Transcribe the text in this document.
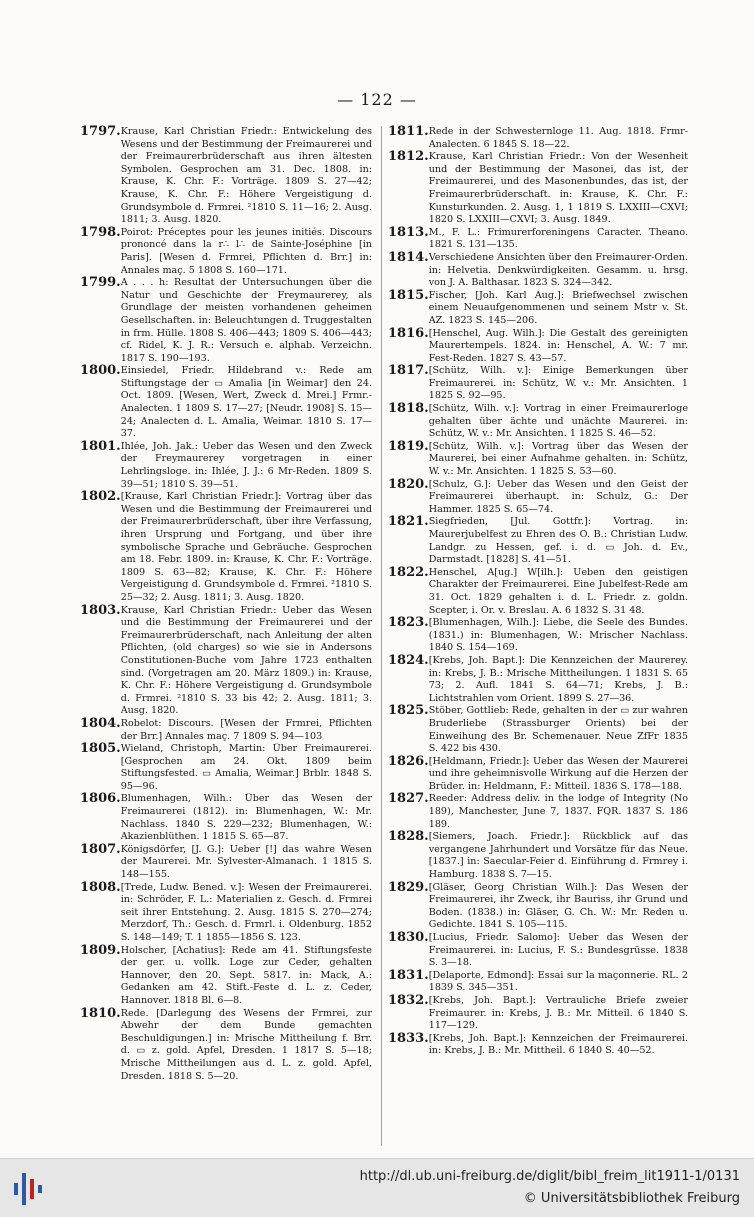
— 122 —
1797. Krause, Karl Christian Friedr.: Entwickelung des Wesens und der Bestimmung der Freimaurerei und der Freimaurerbrüderschaft aus ihren ältesten Symbolen. Gesprochen am 31. Dec. 1808. in: Krause, K. Chr. F.: Vorträge. 1809 S. 27—42; Krause, K. Chr. F.: Höhere Vergeistigung d. Grundsymbole d. Frmrei. ²1810 S. 11—16; 2. Ausg. 1811; 3. Ausg. 1820.
1798. Poirot: Préceptes pour les jeunes initiés. Discours prononcé dans la r∴ l∴ de Sainte-Joséphine [in Paris]. [Wesen d. Frmrei, Pflichten d. Brr.] in: Annales maç. 5 1808 S. 160—171.
1799. A . . . h: Resultat der Untersuchungen über die Natur und Geschichte der Freymaurerey, als Grundlage der meisten vorhandenen geheimen Gesellschaften. in: Beleuchtungen d. Truggestalten in frm. Hülle. 1808 S. 406—443; 1809 S. 406—443; cf. Ridel, K. J. R.: Versuch e. alphab. Verzeichn. 1817 S. 190—193.
1800. Einsiedel, Friedr. Hildebrand v.: Rede am Stiftungstage der ▭ Amalia [in Weimar] den 24. Oct. 1809. [Wesen, Wert, Zweck d. Mrei.] Frmr.-Analecten. 1 1809 S. 17—27; [Neudr. 1908] S. 15—24; Analecten d. L. Amalia, Weimar. 1810 S. 17—37.
1801. Ihlée, Joh. Jak.: Ueber das Wesen und den Zweck der Freymaurerey vorgetragen in einer Lehrlingsloge. in: Ihlée, J. J.: 6 Mr-Reden. 1809 S. 39—51; 1810 S. 39—51.
1802. [Krause, Karl Christian Friedr.]: Vortrag über das Wesen und die Bestimmung der Freimaurerei und der Freimaurerbrüderschaft, über ihre Verfassung, ihren Ursprung und Fortgang, und über ihre symbolische Sprache und Gebräuche. Gesprochen am 18. Febr. 1809. in: Krause, K. Chr. F.: Vorträge. 1809 S. 63—82; Krause, K. Chr. F.: Höhere Vergeistigung d. Grundsymbole d. Frmrei. ²1810 S. 25—32; 2. Ausg. 1811; 3. Ausg. 1820.
1803. Krause, Karl Christian Friedr.: Ueber das Wesen und die Bestimmung der Freimaurerei und der Freimaurerbrüderschaft, nach Anleitung der alten Pflichten, (old charges) so wie sie in Andersons Constitutionen-Buche vom Jahre 1723 enthalten sind. (Vorgetragen am 20. März 1809.) in: Krause, K. Chr. F.: Höhere Vergeistigung d. Grundsymbole d. Frmrei. ²1810 S. 33 bis 42; 2. Ausg. 1811; 3. Ausg. 1820.
1804. Robelot: Discours. [Wesen der Frmrei, Pflichten der Brr.] Annales maç. 7 1809 S. 94—103
1805. Wieland, Christoph, Martin: Über Freimaurerei. [Gesprochen am 24. Okt. 1809 beim Stiftungsfested. ▭ Amalia, Weimar.] Brblr. 1848 S. 95—96.
1806. Blumenhagen, Wilh.: Über das Wesen der Freimaurerei (1812). in: Blumenhagen, W.: Mr. Nachlass. 1840 S. 229—232; Blumenhagen, W.: Akazienblüthen. 1 1815 S. 65—87.
1807. Königsdörfer, [J. G.]: Ueber [!] das wahre Wesen der Maurerei. Mr. Sylvester-Almanach. 1 1815 S. 148—155.
1808. [Trede, Ludw. Bened. v.]: Wesen der Freimaurerei. in: Schröder, F. L.: Materialien z. Gesch. d. Frmrei seit ihrer Entstehung. 2. Ausg. 1815 S. 270—274; Merzdorf, Th.: Gesch. d. Frmrl. i. Oldenburg. 1852 S. 148—149; T. 1 1855—1856 S. 123.
1809. Holscher, [Achatius]: Rede am 41. Stiftungsfeste der ger. u. vollk. Loge zur Ceder, gehalten Hannover, den 20. Sept. 5817. in: Mack, A.: Gedanken am 42. Stift.-Feste d. L. z. Ceder, Hannover. 1818 Bl. 6—8.
1810. Rede. [Darlegung des Wesens der Frmrei, zur Abwehr der dem Bunde gemachten Beschuldigungen.] in: Mrische Mittheilung f. Brr. d. ▭ z. gold. Apfel, Dresden. 1 1817 S. 5—18; Mrische Mittheilungen aus d. L. z. gold. Apfel, Dresden. 1818 S. 5—20.
1811. Rede in der Schwesternloge 11. Aug. 1818. Frmr-Analecten. 6 1845 S. 18—22.
1812. Krause, Karl Christian Friedr.: Von der Wesenheit und der Bestimmung der Masonei, das ist, der Freimaurerei, und des Masonenbundes, das ist, der Freimaurerbrüderschaft. in: Krause, K. Chr. F.: Kunsturkunden. 2. Ausg. 1, 1 1819 S. LXXIII—CXVI; 1820 S. LXXIII—CXVI; 3. Ausg. 1849.
1813. M., F. L.: Frimurerforeningens Caracter. Theano. 1821 S. 131—135.
1814. Verschiedene Ansichten über den Freimaurer-Orden. in: Helvetia. Denkwürdigkeiten. Gesamm. u. hrsg. von J. A. Balthasar. 1823 S. 324—342.
1815. Fischer, [Joh. Karl Aug.]: Briefwechsel zwischen einem Neuaufgenommenen und seinem Mstr v. St. AZ. 1823 S. 145—206.
1816. [Henschel, Aug. Wilh.]: Die Gestalt des gereinigten Maurertempels. 1824. in: Henschel, A. W.: 7 mr. Fest-Reden. 1827 S. 43—57.
1817. [Schütz, Wilh. v.]: Einige Bemerkungen über Freimaurerei. in: Schütz, W. v.: Mr. Ansichten. 1 1825 S. 92—95.
1818. [Schütz, Wilh. v.]: Vortrag in einer Freimaurerloge gehalten über ächte und unächte Maurerei. in: Schütz, W. v.: Mr. Ansichten. 1 1825 S. 46—52.
1819. [Schütz, Wilh. v.]: Vortrag über das Wesen der Maurerei, bei einer Aufnahme gehalten. in: Schütz, W. v.: Mr. Ansichten. 1 1825 S. 53—60.
1820. [Schulz, G.]: Ueber das Wesen und den Geist der Freimaurerei überhaupt. in: Schulz, G.: Der Hammer. 1825 S. 65—74.
1821. Siegfrieden, [Jul. Gottfr.]: Vortrag. in: Maurerjubelfest zu Ehren des O. B.: Christian Ludw. Landgr. zu Hessen, gef. i. d. ▭ Joh. d. Ev., Darmstadt. [1828] S. 41—51.
1822. Henschel, A[ug.] W[ilh.]: Ueben den geistigen Charakter der Freimaurerei. Eine Jubelfest-Rede am 31. Oct. 1829 gehalten i. d. L. Friedr. z. goldn. Scepter, i. Or. v. Breslau. A. 6 1832 S. 31 48.
1823. [Blumenhagen, Wilh.]: Liebe, die Seele des Bundes. (1831.) in: Blumenhagen, W.: Mrischer Nachlass. 1840 S. 154—169.
1824. [Krebs, Joh. Bapt.]: Die Kennzeichen der Maurerey. in: Krebs, J. B.: Mrische Mittheilungen. 1 1831 S. 65 73; 2. Aufl. 1841 S. 64—71; Krebs, J. B.: Lichtstrahlen vom Orient. 1899 S. 27—36.
1825. Stöber, Gottlieb: Rede, gehalten in der ▭ zur wahren Bruderliebe (Strassburger Orients) bei der Einweihung des Br. Schemenauer. Neue ZfFr 1835 S. 422 bis 430.
1826. [Heldmann, Friedr.]: Ueber das Wesen der Maurerei und ihre geheimnisvolle Wirkung auf die Herzen der Brüder. in: Heldmann, F.: Mitteil. 1836 S. 178—188.
1827. Reeder: Address deliv. in the lodge of Integrity (No 189), Manchester, June 7, 1837. FQR. 1837 S. 186 189.
1828. [Siemers, Joach. Friedr.]: Rückblick auf das vergangene Jahrhundert und Vorsätze für das Neue. [1837.] in: Saecular-Feier d. Einführung d. Frmrey i. Hamburg. 1838 S. 7—15.
1829. [Gläser, Georg Christian Wilh.]: Das Wesen der Freimaurerei, ihr Zweck, ihr Bauriss, ihr Grund und Boden. (1838.) in: Gläser, G. Ch. W.: Mr. Reden u. Gedichte. 1841 S. 105—115.
1830. [Lucius, Friedr. Salomo]: Ueber das Wesen der Freimaurerei. in: Lucius, F. S.: Bundesgrüsse. 1838 S. 3—18.
1831. [Delaporte, Edmond]: Essai sur la maçonnerie. RL. 2 1839 S. 345—351.
1832. [Krebs, Joh. Bapt.]: Vertrauliche Briefe zweier Freimaurer. in: Krebs, J. B.: Mr. Mitteil. 6 1840 S. 117—129.
1833. [Krebs, Joh. Bapt.]: Kennzeichen der Freimaurerei. in: Krebs, J. B.: Mr. Mittheil. 6 1840 S. 40—52.
http://dl.ub.uni-freiburg.de/diglit/bibl_freim_lit1911-1/0131
© Universitätsbibliothek Freiburg
